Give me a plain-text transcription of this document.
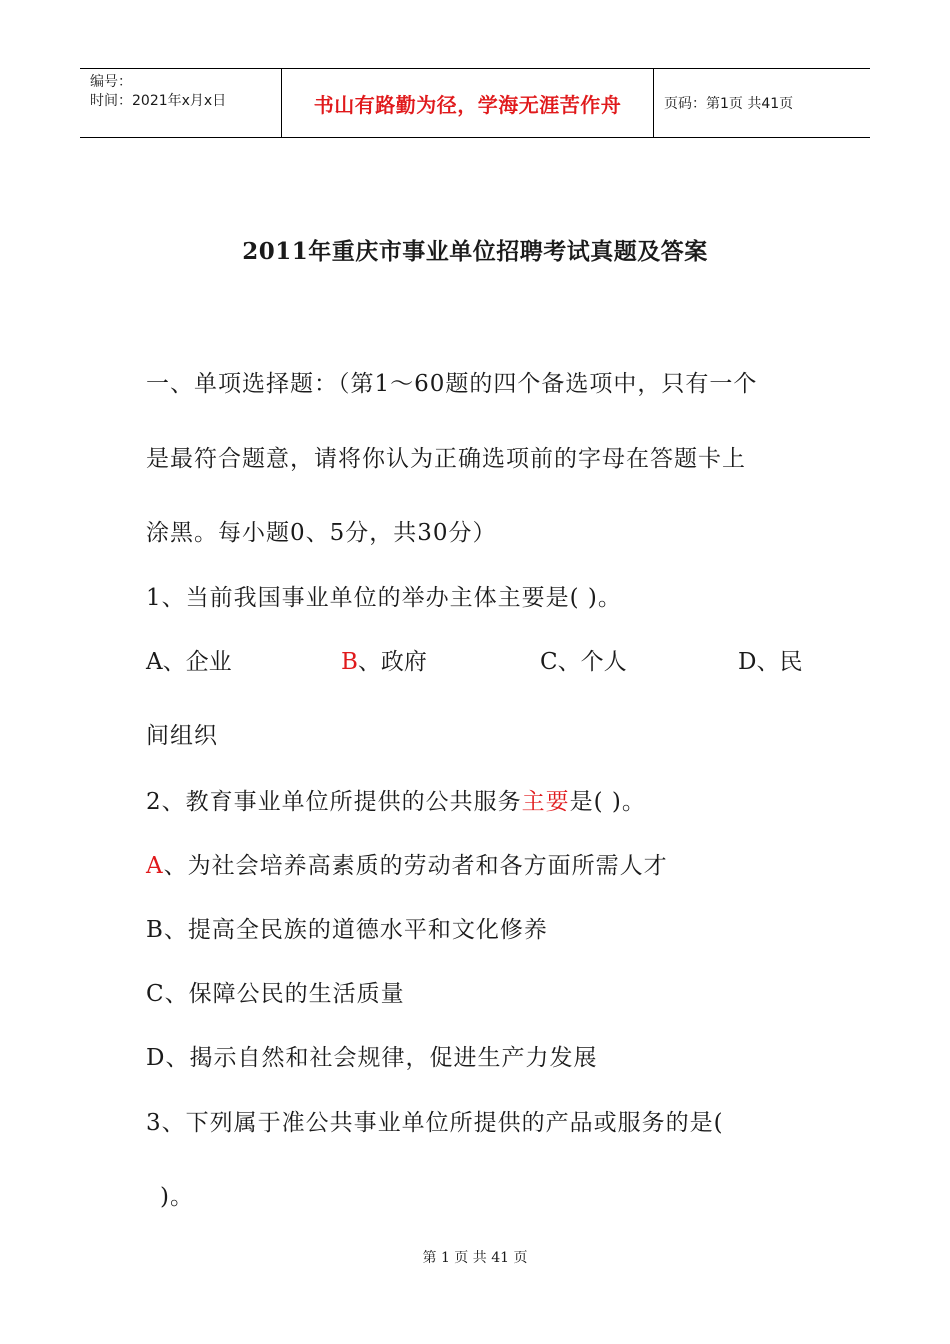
编号：
时间：2021年x月x日	书山有路勤为径，学海无涯苦作舟	页码：第1页 共41页
2011年重庆市事业单位招聘考试真题及答案
一、单项选择题：（第1～60题的四个备选项中，只有一个
是最符合题意，请将你认为正确选项前的字母在答题卡上
涂黑。每小题0、5分，共30分）
1、当前我国事业单位的举办主体主要是( )。
A、企业	B、政府	C、个人	D、民
间组织
2、教育事业单位所提供的公共服务主要是( )。
A、为社会培养高素质的劳动者和各方面所需人才
B、提高全民族的道德水平和文化修养
C、保障公民的生活质量
D、揭示自然和社会规律，促进生产力发展
3、下列属于准公共事业单位所提供的产品或服务的是(
)。
第 1 页 共 41 页
